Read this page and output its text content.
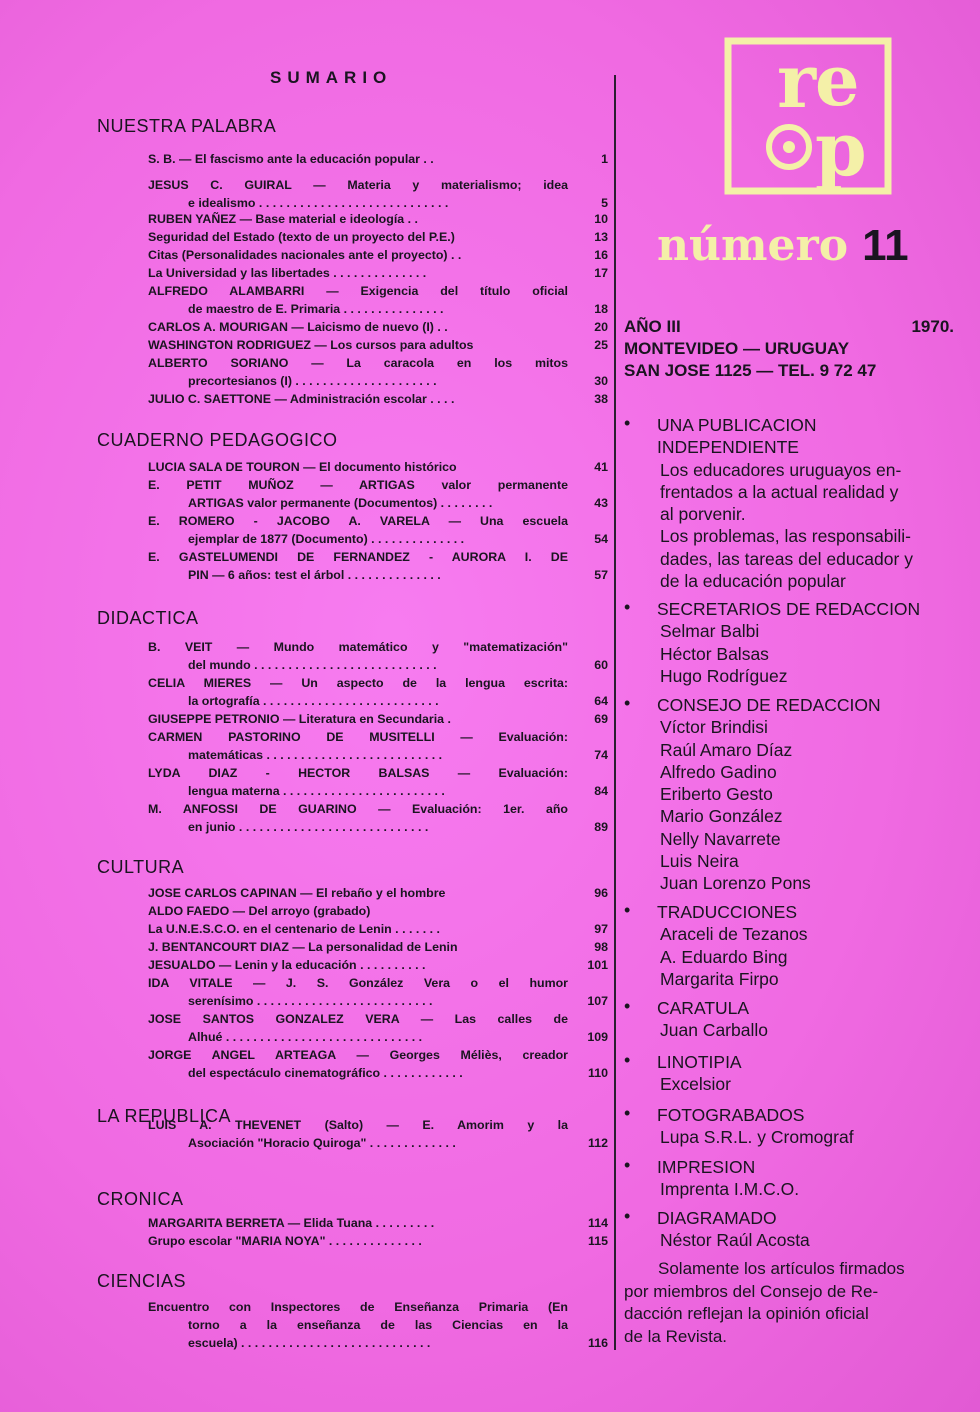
SUMARIO
NUESTRA PALABRA
CUADERNO PEDAGOGICO
DIDACTICA
CULTURA
LA REPUBLICA
CRONICA
CIENCIAS
S. B. — El fascismo ante la educación popular . .	1
JESUS C. GUIRAL — Materia y materialismo; idea
e idealismo . . . . . . . . . . . . . . . . . . . . . . . . . . . .	5
RUBEN YAÑEZ — Base material e ideología . .	10
Seguridad del Estado (texto de un proyecto del P.E.)	13
Citas (Personalidades nacionales ante el proyecto) . .	16
La Universidad y las libertades . . . . . . . . . . . . . .	17
ALFREDO ALAMBARRI — Exigencia del título oficial
de maestro de E. Primaria . . . . . . . . . . . . . . .	18
CARLOS A. MOURIGAN — Laicismo de nuevo (I) . .	20
WASHINGTON RODRIGUEZ — Los cursos para adultos	25
ALBERTO SORIANO — La caracola en los mitos
precortesianos (I) . . . . . . . . . . . . . . . . . . . . .	30
JULIO C. SAETTONE — Administración escolar . . . .	38
LUCIA SALA DE TOURON — El documento histórico	41
E. PETIT MUÑOZ — ARTIGAS valor permanente
ARTIGAS valor permanente (Documentos) . . . . . . . .	43
E. ROMERO - JACOBO A. VARELA — Una escuela
ejemplar de 1877 (Documento) . . . . . . . . . . . . . .	54
E. GASTELUMENDI DE FERNANDEZ - AURORA I. DE
PIN — 6 años: test el árbol . . . . . . . . . . . . . .	57
B. VEIT — Mundo matemático y "matematización"
del mundo . . . . . . . . . . . . . . . . . . . . . . . . . . .	60
CELIA MIERES — Un aspecto de la lengua escrita:
la ortografía . . . . . . . . . . . . . . . . . . . . . . . . . .	64
GIUSEPPE PETRONIO — Literatura en Secundaria .	69
CARMEN PASTORINO DE MUSITELLI — Evaluación:
matemáticas . . . . . . . . . . . . . . . . . . . . . . . . . .	74
LYDA DIAZ - HECTOR BALSAS — Evaluación:
lengua materna . . . . . . . . . . . . . . . . . . . . . . . .	84
M. ANFOSSI DE GUARINO — Evaluación: 1er. año
en junio . . . . . . . . . . . . . . . . . . . . . . . . . . . .	89
JOSE CARLOS CAPINAN — El rebaño y el hombre	96
ALDO FAEDO — Del arroyo (grabado)
La U.N.E.S.C.O. en el centenario de Lenin . . . . . . .	97
J. BENTANCOURT DIAZ — La personalidad de Lenin	98
JESUALDO — Lenin y la educación . . . . . . . . . .	101
IDA VITALE — J. S. González Vera o el humor
serenísimo . . . . . . . . . . . . . . . . . . . . . . . . . .	107
JOSE SANTOS GONZALEZ VERA — Las calles de
Alhué . . . . . . . . . . . . . . . . . . . . . . . . . . . . .	109
JORGE ANGEL ARTEAGA — Georges Méliès, creador
del espectáculo cinematográfico . . . . . . . . . . . .	110
LUIS A. THEVENET (Salto) — E. Amorim y la
Asociación "Horacio Quiroga" . . . . . . . . . . . . .	112
MARGARITA BERRETA — Elida Tuana . . . . . . . . .	114
Grupo escolar "MARIA NOYA" . . . . . . . . . . . . . .	115
Encuentro con Inspectores de Enseñanza Primaria (En
torno a la enseñanza de las Ciencias en la
escuela) . . . . . . . . . . . . . . . . . . . . . . . . . . . .	116
r e
p
número 11
AÑO III	1970.
MONTEVIDEO — URUGUAY
SAN JOSE 1125 — TEL. 9 72 47
•	UNA PUBLICACION
INDEPENDIENTE
Los educadores uruguayos en-
frentados a la actual realidad y
al porvenir.
Los problemas, las responsabili-
dades, las tareas del educador y
de la educación popular
•	SECRETARIOS DE REDACCION
Selmar Balbi
Héctor Balsas
Hugo Rodríguez
•	CONSEJO DE REDACCION
Víctor Brindisi
Raúl Amaro Díaz
Alfredo Gadino
Eriberto Gesto
Mario González
Nelly Navarrete
Luis Neira
Juan Lorenzo Pons
•	TRADUCCIONES
Araceli de Tezanos
A. Eduardo Bing
Margarita Firpo
•	CARATULA
Juan Carballo
•	LINOTIPIA
Excelsior
•	FOTOGRABADOS
Lupa S.R.L. y Cromograf
•	IMPRESION
Imprenta I.M.C.O.
•	DIAGRAMADO
Néstor Raúl Acosta
Solamente los artículos firmados
por miembros del Consejo de Re-
dacción reflejan la opinión oficial
de la Revista.
